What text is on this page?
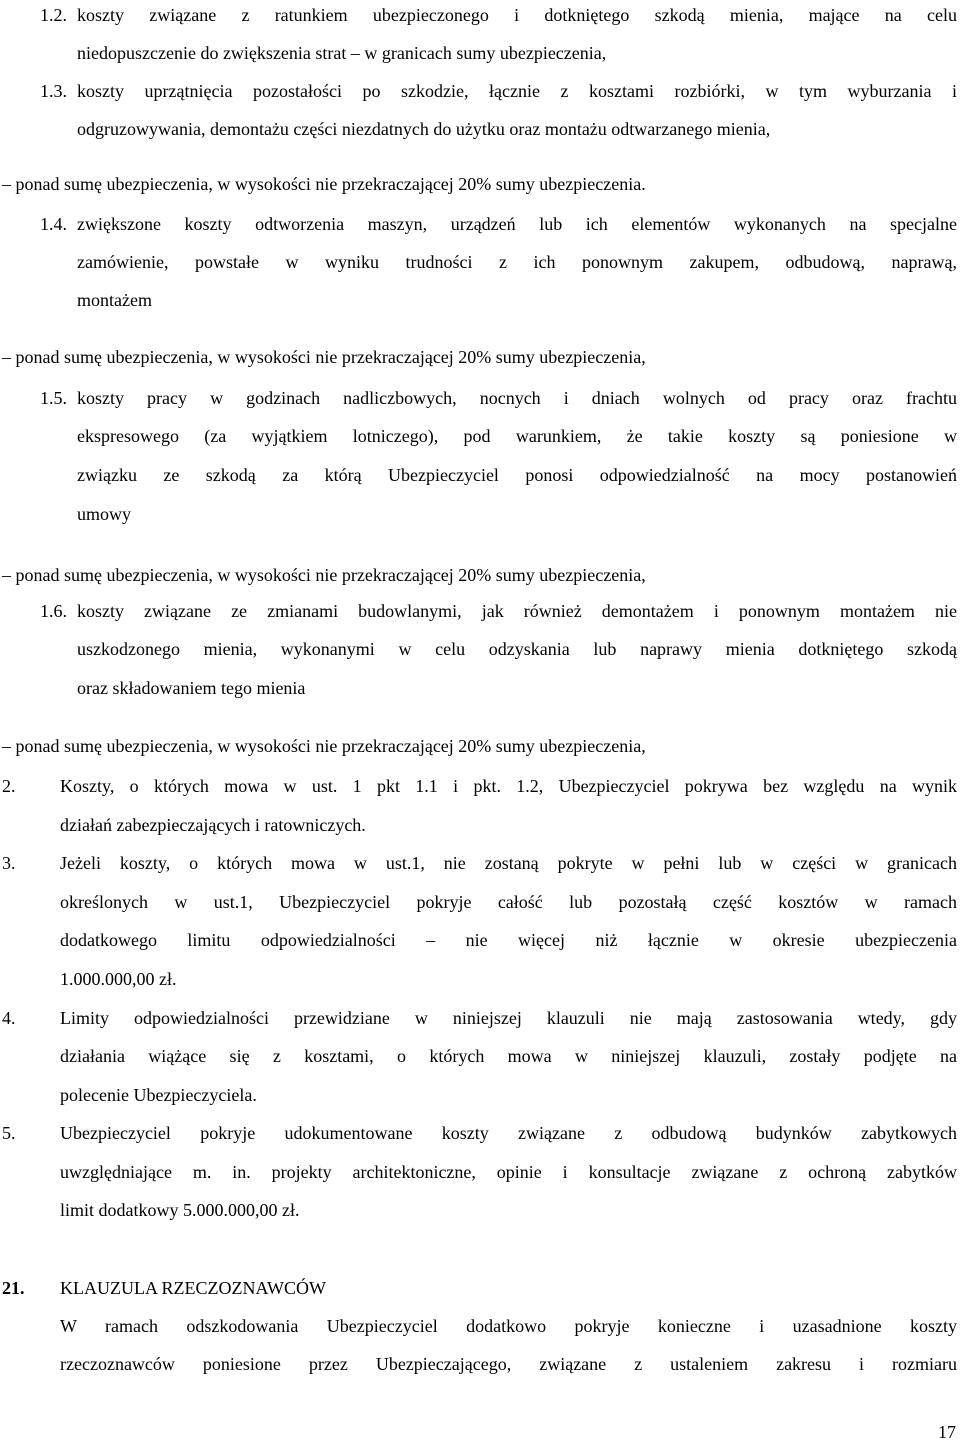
1.2. koszty związane z ratunkiem ubezpieczonego i dotkniętego szkodą mienia, mające na celu
niedopuszczenie do zwiększenia strat – w granicach sumy ubezpieczenia,
1.3. koszty uprzątnięcia pozostałości po szkodzie, łącznie z kosztami rozbiórki, w tym wyburzania i
odgruzowywania, demontażu części niezdatnych do użytku oraz montażu odtwarzanego mienia,
– ponad sumę ubezpieczenia, w wysokości nie przekraczającej 20% sumy ubezpieczenia.
1.4. zwiększone koszty odtworzenia maszyn, urządzeń lub ich elementów wykonanych na specjalne
zamówienie, powstałe w wyniku trudności z ich ponownym zakupem, odbudową, naprawą,
montażem
– ponad sumę ubezpieczenia, w wysokości nie przekraczającej 20% sumy ubezpieczenia,
1.5. koszty pracy w godzinach nadliczbowych, nocnych i dniach wolnych od pracy oraz frachtu
ekspresowego (za wyjątkiem lotniczego), pod warunkiem, że takie koszty są poniesione w
związku ze szkodą za którą Ubezpieczyciel ponosi odpowiedzialność na mocy postanowień
umowy
– ponad sumę ubezpieczenia, w wysokości nie przekraczającej 20% sumy ubezpieczenia,
1.6. koszty związane ze zmianami budowlanymi, jak również demontażem i ponownym montażem nie
uszkodzonego mienia, wykonanymi w celu odzyskania lub naprawy mienia dotkniętego szkodą
oraz składowaniem tego mienia
– ponad sumę ubezpieczenia, w wysokości nie przekraczającej 20% sumy ubezpieczenia,
2. Koszty, o których mowa w ust. 1 pkt 1.1 i pkt. 1.2, Ubezpieczyciel pokrywa bez względu na wynik
działań zabezpieczających i ratowniczych.
3. Jeżeli koszty, o których mowa w ust.1, nie zostaną pokryte w pełni lub w części w granicach
określonych w ust.1, Ubezpieczyciel pokryje całość lub pozostałą część kosztów w ramach
dodatkowego limitu odpowiedzialności – nie więcej niż łącznie w okresie ubezpieczenia
1.000.000,00 zł.
4. Limity odpowiedzialności przewidziane w niniejszej klauzuli nie mają zastosowania wtedy, gdy
działania wiążące się z kosztami, o których mowa w niniejszej klauzuli, zostały podjęte na
polecenie Ubezpieczyciela.
5. Ubezpieczyciel pokryje udokumentowane koszty związane z odbudową budynków zabytkowych
uwzględniające m. in. projekty architektoniczne, opinie i konsultacje związane z ochroną zabytków
limit dodatkowy 5.000.000,00 zł.
21. KLAUZULA RZECZOZNAWCÓW
W ramach odszkodowania Ubezpieczyciel dodatkowo pokryje konieczne i uzasadnione koszty
rzeczoznawców poniesione przez Ubezpieczającego, związane z ustaleniem zakresu i rozmiaru
17
